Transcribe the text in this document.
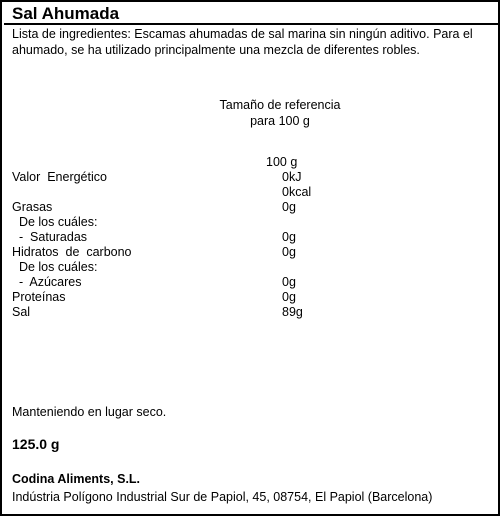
Sal Ahumada
Lista de ingredientes: Escamas ahumadas de sal marina sin ningún aditivo. Para el ahumado, se ha utilizado principalmente una mezcla de diferentes robles.
Tamaño de referencia
para 100 g
100 g
Valor  Energético	0kJ
0kcal
Grasas	0g
De los cuáles:
-  Saturadas	0g
Hidratos  de  carbono	0g
De los cuáles:
-  Azúcares	0g
Proteínas	0g
Sal	89g
Manteniendo en lugar seco.
125.0 g
Codina Aliments, S.L.
Indústria Polígono Industrial Sur de Papiol, 45, 08754, El Papiol (Barcelona)
